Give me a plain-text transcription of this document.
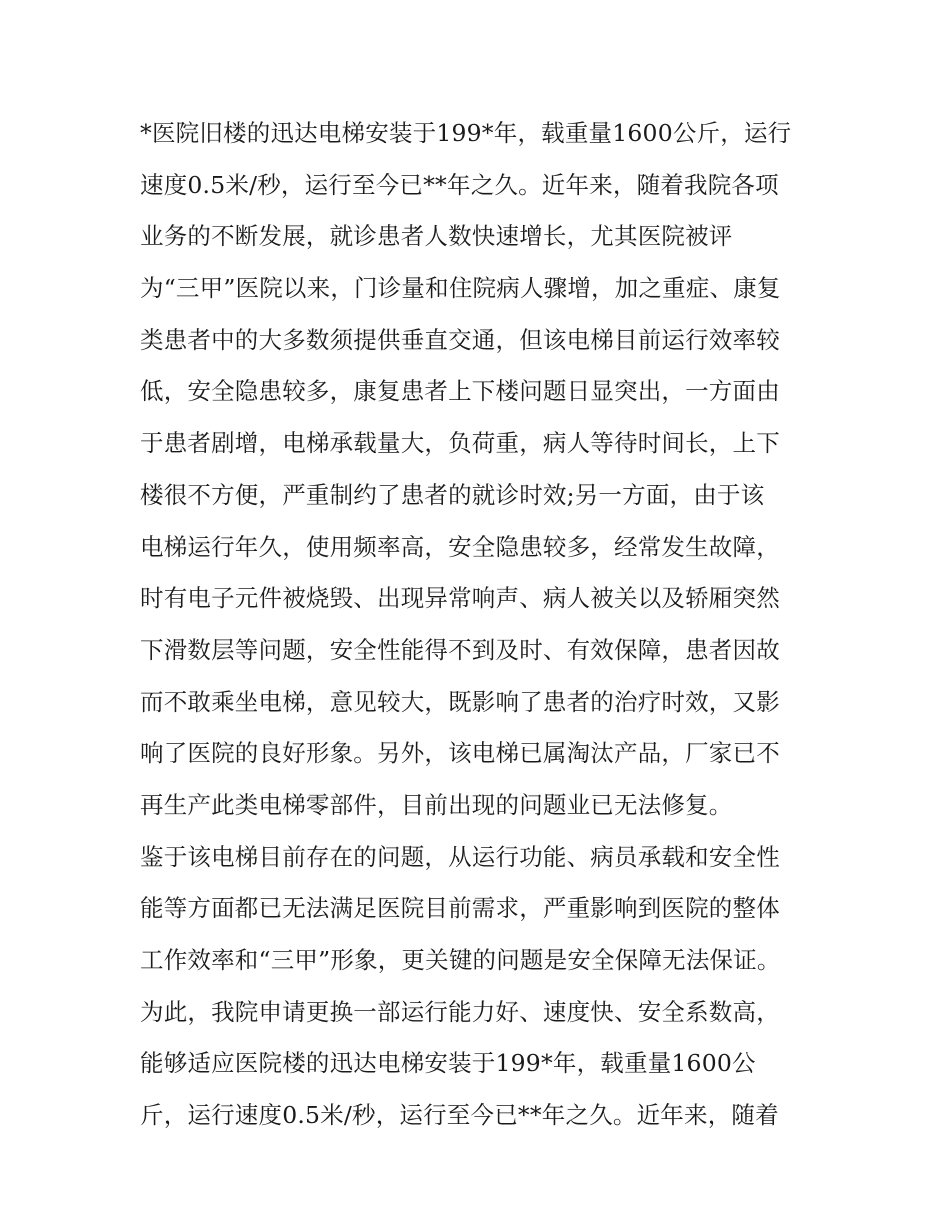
*医院旧楼的迅达电梯安装于199*年，载重量1600公斤，运行
速度0.5米/秒，运行至今已**年之久。近年来，随着我院各项
业务的不断发展，就诊患者人数快速增长，尤其医院被评
为“三甲”医院以来，门诊量和住院病人骤增，加之重症、康复
类患者中的大多数须提供垂直交通，但该电梯目前运行效率较
低，安全隐患较多，康复患者上下楼问题日显突出，一方面由
于患者剧增，电梯承载量大，负荷重，病人等待时间长，上下
楼很不方便，严重制约了患者的就诊时效;另一方面，由于该
电梯运行年久，使用频率高，安全隐患较多，经常发生故障，
时有电子元件被烧毁、出现异常响声、病人被关以及轿厢突然
下滑数层等问题，安全性能得不到及时、有效保障，患者因故
而不敢乘坐电梯，意见较大，既影响了患者的治疗时效，又影
响了医院的良好形象。另外，该电梯已属淘汰产品，厂家已不
再生产此类电梯零部件，目前出现的问题业已无法修复。
鉴于该电梯目前存在的问题，从运行功能、病员承载和安全性
能等方面都已无法满足医院目前需求，严重影响到医院的整体
工作效率和“三甲”形象，更关键的问题是安全保障无法保证。
为此，我院申请更换一部运行能力好、速度快、安全系数高，
能够适应医院楼的迅达电梯安装于199*年，载重量1600公
斤，运行速度0.5米/秒，运行至今已**年之久。近年来，随着
